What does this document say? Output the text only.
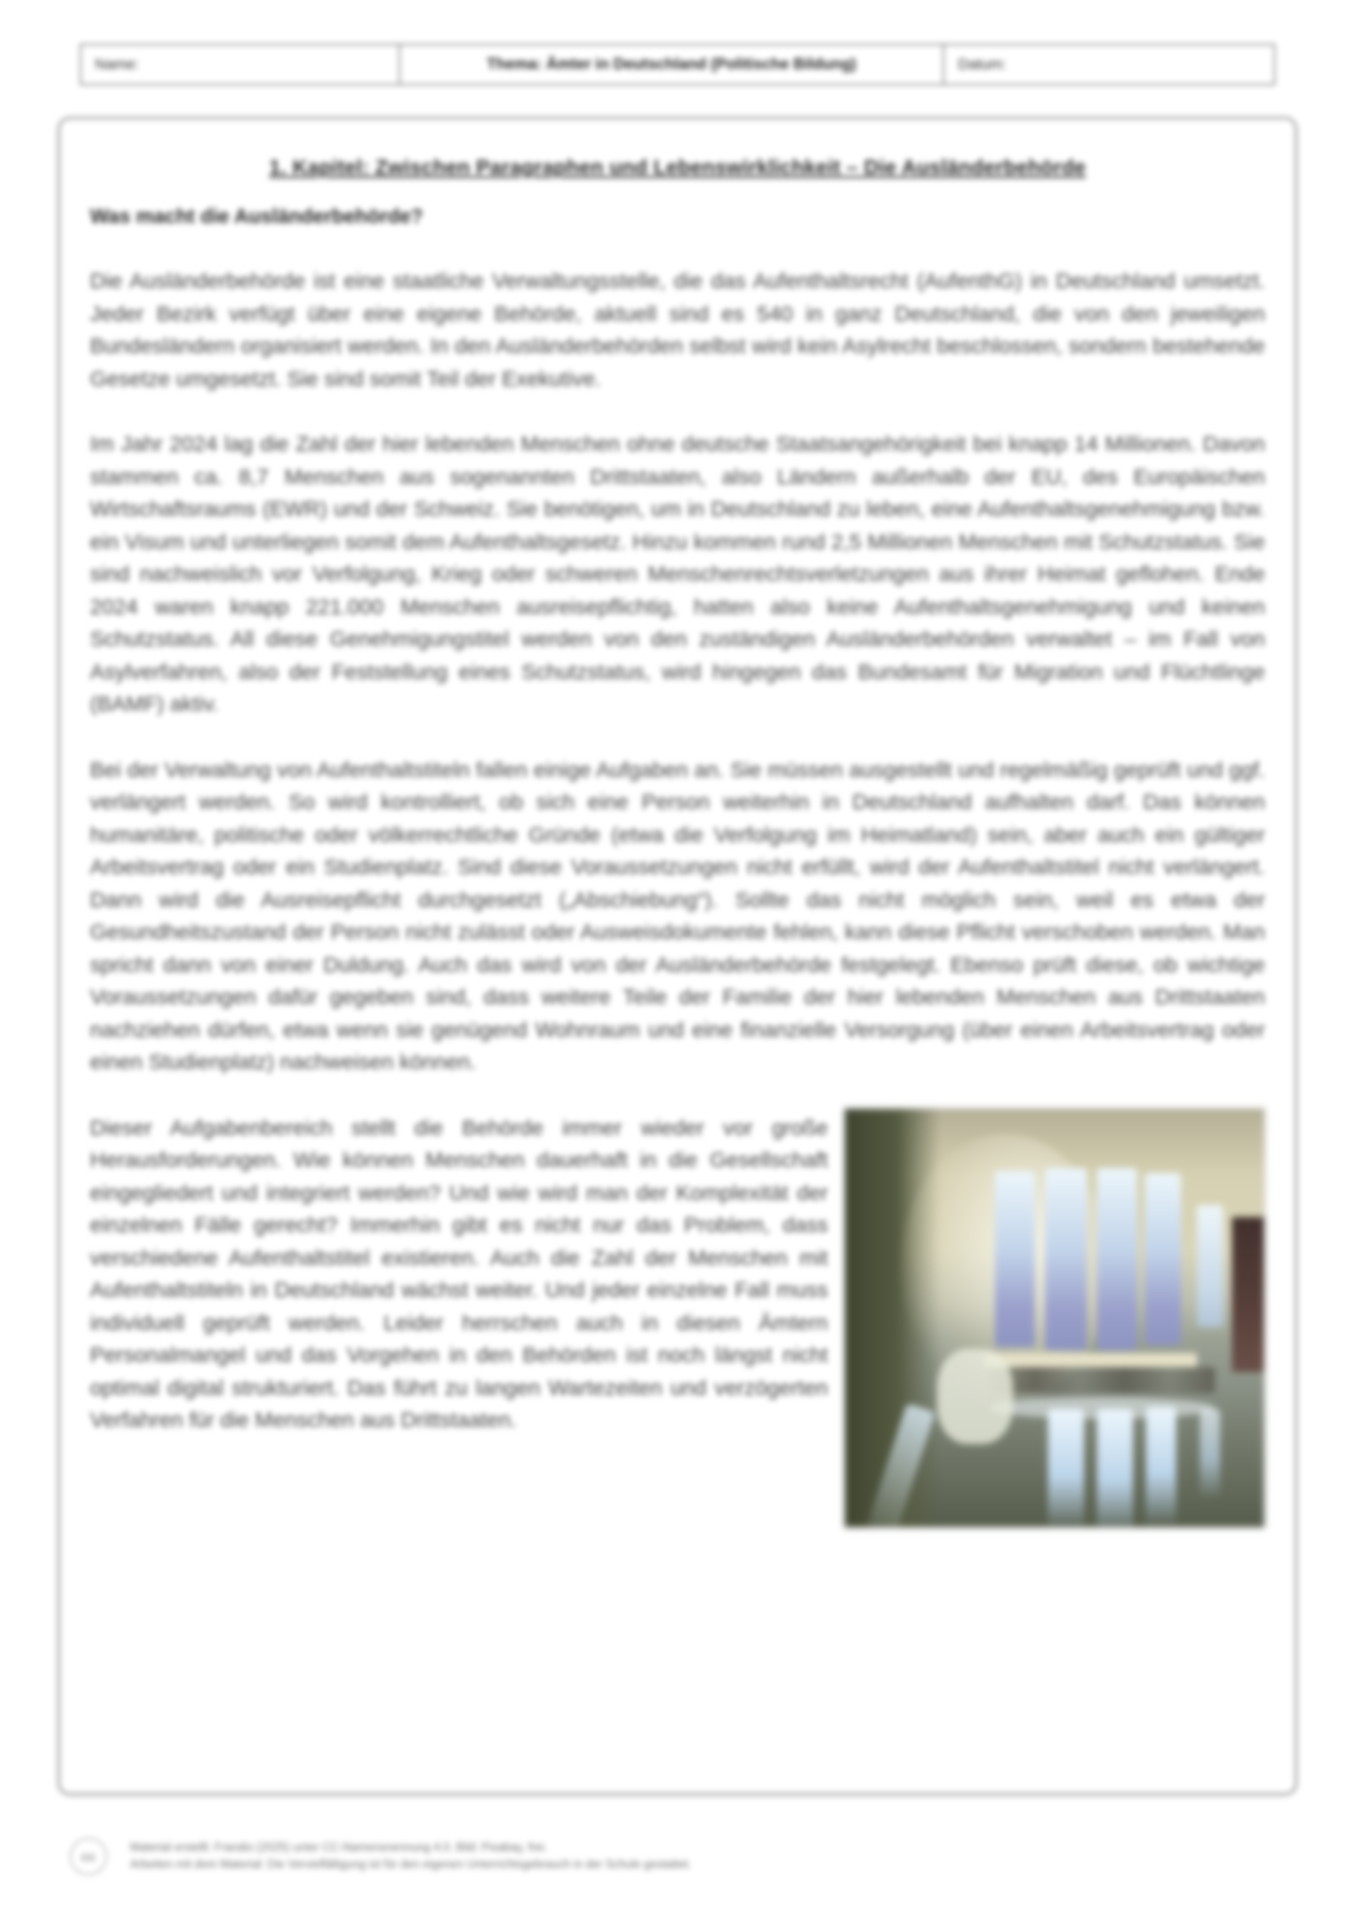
Name:	Thema: Ämter in Deutschland (Politische Bildung)	Datum:
1. Kapitel: Zwischen Paragraphen und Lebenswirklichkeit – Die Ausländerbehörde
Was macht die Ausländerbehörde?

Die Ausländerbehörde ist eine staatliche Verwaltungsstelle, die das Aufenthaltsrecht (AufenthG) in Deutschland umsetzt. Jeder Bezirk verfügt über eine eigene Behörde, aktuell sind es 540 in ganz Deutschland, die von den jeweiligen Bundesländern organisiert werden. In den Ausländerbehörden selbst wird kein Asylrecht beschlossen, sondern bestehende Gesetze umgesetzt. Sie sind somit Teil der Exekutive.

Im Jahr 2024 lag die Zahl der hier lebenden Menschen ohne deutsche Staatsangehörigkeit bei knapp 14 Millionen. Davon stammen ca. 8,7 Menschen aus sogenannten Drittstaaten, also Ländern außerhalb der EU, des Europäischen Wirtschaftsraums (EWR) und der Schweiz. Sie benötigen, um in Deutschland zu leben, eine Aufenthaltsgenehmigung bzw. ein Visum und unterliegen somit dem Aufenthaltsgesetz. Hinzu kommen rund 2,5 Millionen Menschen mit Schutzstatus. Sie sind nachweislich vor Verfolgung, Krieg oder schweren Menschenrechtsverletzungen aus ihrer Heimat geflohen. Ende 2024 waren knapp 221.000 Menschen ausreisepflichtig, hatten also keine Aufenthaltsgenehmigung und keinen Schutzstatus. All diese Genehmigungstitel werden von den zuständigen Ausländerbehörden verwaltet – im Fall von Asylverfahren, also der Feststellung eines Schutzstatus, wird hingegen das Bundesamt für Migration und Flüchtlinge (BAMF) aktiv.

Bei der Verwaltung von Aufenthaltstiteln fallen einige Aufgaben an. Sie müssen ausgestellt und regelmäßig geprüft und ggf. verlängert werden. So wird kontrolliert, ob sich eine Person weiterhin in Deutschland aufhalten darf. Das können humanitäre, politische oder völkerrechtliche Gründe (etwa die Verfolgung im Heimatland) sein, aber auch ein gültiger Arbeitsvertrag oder ein Studienplatz. Sind diese Voraussetzungen nicht erfüllt, wird der Aufenthaltstitel nicht verlängert. Dann wird die Ausreisepflicht durchgesetzt („Abschiebung“). Sollte das nicht möglich sein, weil es etwa der Gesundheitszustand der Person nicht zulässt oder Ausweisdokumente fehlen, kann diese Pflicht verschoben werden. Man spricht dann von einer Duldung. Auch das wird von der Ausländerbehörde festgelegt. Ebenso prüft diese, ob wichtige Voraussetzungen dafür gegeben sind, dass weitere Teile der Familie der hier lebenden Menschen aus Drittstaaten nachziehen dürfen, etwa wenn sie genügend Wohnraum und eine finanzielle Versorgung (über einen Arbeitsvertrag oder einen Studienplatz) nachweisen können.

Dieser Aufgabenbereich stellt die Behörde immer wieder vor große Herausforderungen. Wie können Menschen dauerhaft in die Gesellschaft eingegliedert und integriert werden? Und wie wird man der Komplexität der einzelnen Fälle gerecht? Immerhin gibt es nicht nur das Problem, dass verschiedene Aufenthaltstitel existieren. Auch die Zahl der Menschen mit Aufenthaltstiteln in Deutschland wächst weiter. Und jeder einzelne Fall muss individuell geprüft werden. Leider herrschen auch in diesen Ämtern Personalmangel und das Vorgehen in den Behörden ist noch längst nicht optimal digital strukturiert. Das führt zu langen Wartezeiten und verzögerten Verfahren für die Menschen aus Drittstaaten.

cc
Material erstellt: Frandio (2025) unter CC-Namensnennung 4.0. Bild: Pixabay, frei.
Arbeiten mit dem Material: Die Vervielfältigung ist für den eigenen Unterrichtsgebrauch in der Schule gestattet.
